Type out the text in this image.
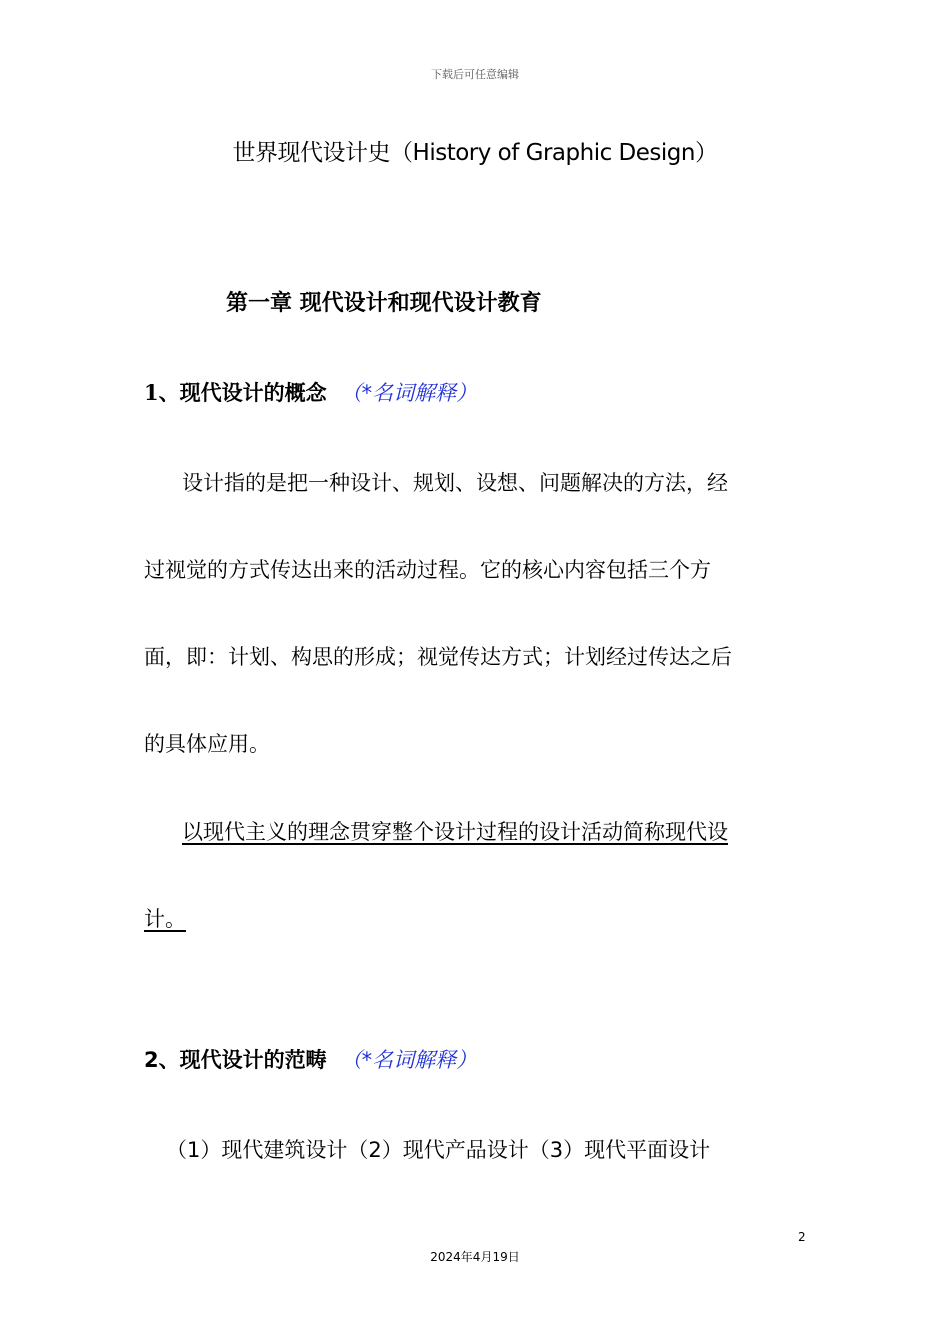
下载后可任意编辑
世界现代设计史（History of Graphic Design）
第一章 现代设计和现代设计教育
1、现代设计的概念 （*名词解释）
设计指的是把一种设计、规划、设想、问题解决的方法，经
过视觉的方式传达出来的活动过程。它的核心内容包括三个方
面，即：计划、构思的形成；视觉传达方式；计划经过传达之后
的具体应用。
以现代主义的理念贯穿整个设计过程的设计活动简称现代设
计。
2、现代设计的范畴 （*名词解释）
（1）现代建筑设计（2）现代产品设计（3）现代平面设计
2
2024年4月19日
